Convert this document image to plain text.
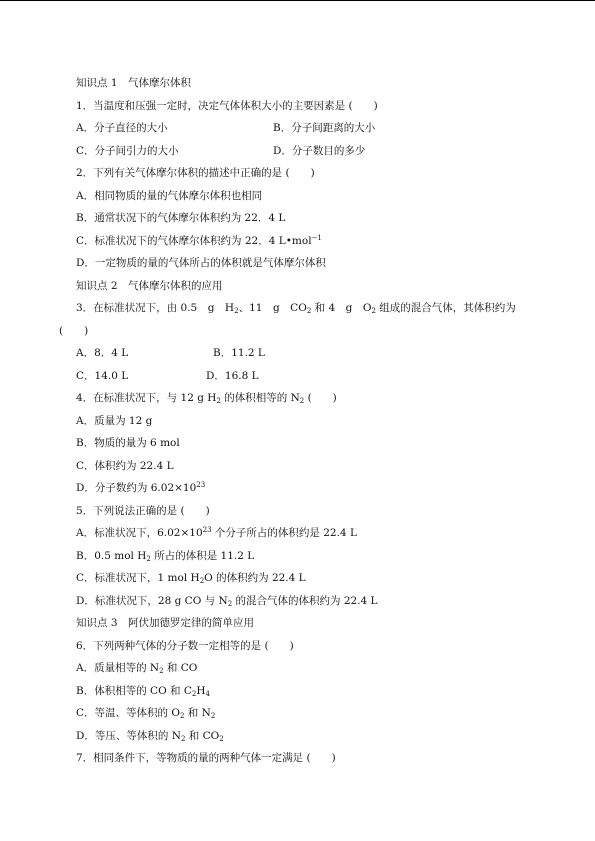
知识点 1　气体摩尔体积
1．当温度和压强一定时，决定气体体积大小的主要因素是 (　　)
A．分子直径的大小	B．分子间距离的大小
C．分子间引力的大小	D．分子数目的多少
2．下列有关气体摩尔体积的描述中正确的是 (　　)
A．相同物质的量的气体摩尔体积也相同
B．通常状况下的气体摩尔体积约为 22．4 L
C．标准状况下的气体摩尔体积约为 22．4 L•mol$^{-1}$
D．一定物质的量的气体所占的体积就是气体摩尔体积
知识点 2　气体摩尔体积的应用
3．在标准状况下，由 0.5　g　$H_2$、11　g　$CO_2$ 和 4　g　$O_2$ 组成的混合气体，其体积约为
(　　)
A．8．4 L	B．11.2 L
C．14.0 L	D．16.8 L
4．在标准状况下，与 12 g $H_2$ 的体积相等的 $N_2$ (　　)
A．质量为 12 g
B．物质的量为 6 mol
C．体积约为 22.4 L
D．分子数约为 $6.02\times 10^{23}$
5．下列说法正确的是 (　　)
A．标准状况下，$6.02\times 10^{23}$ 个分子所占的体积约是 22.4 L
B．0.5 mol $H_2$ 所占的体积是 11.2 L
C．标准状况下，1 mol $H_2O$ 的体积约为 22.4 L
D．标准状况下，28 g CO 与 $N_2$ 的混合气体的体积约为 22.4 L
知识点 3　阿伏加德罗定律的简单应用
6．下列两种气体的分子数一定相等的是 (　　)
A．质量相等的 $N_2$ 和 CO
B．体积相等的 CO 和 $C_2H_4$
C．等温、等体积的 $O_2$ 和 $N_2$
D．等压、等体积的 $N_2$ 和 $CO_2$
7．相同条件下，等物质的量的两种气体一定满足 (　　)
